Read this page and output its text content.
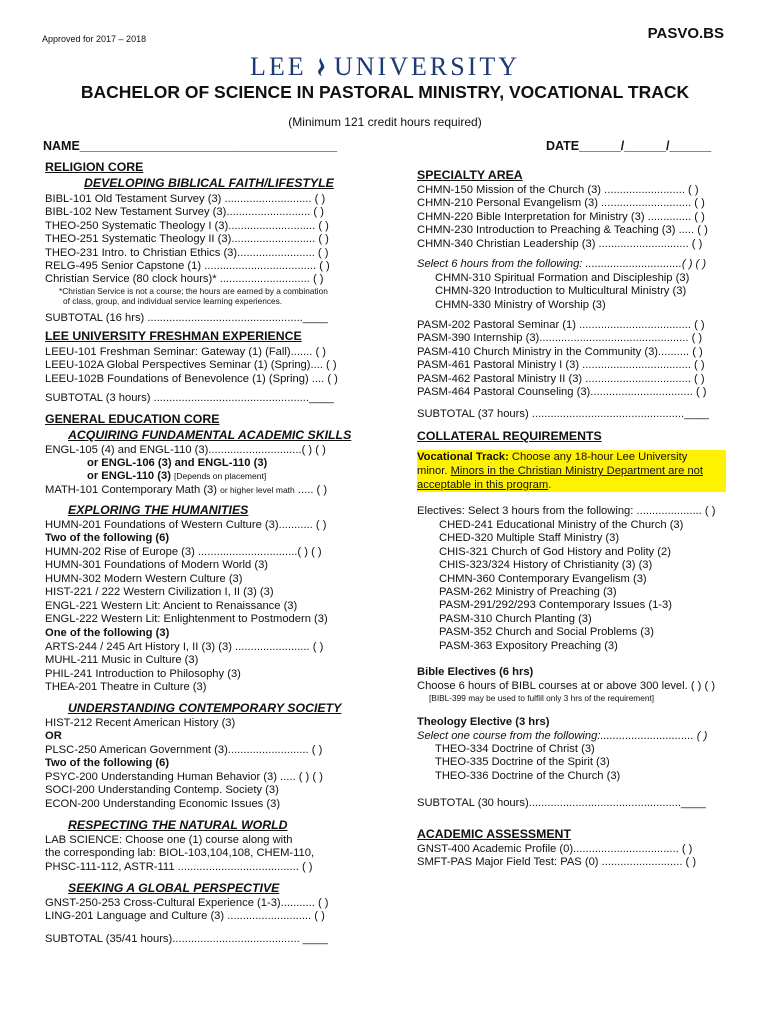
Approved for 2017 – 2018	PASVO.BS
LEE UNIVERSITY
BACHELOR OF SCIENCE IN PASTORAL MINISTRY, VOCATIONAL TRACK
(Minimum 121 credit hours required)
NAME_____________________________________	DATE______/______/______
RELIGION CORE
DEVELOPING BIBLICAL FAITH/LIFESTYLE
BIBL-101 Old Testament Survey (3) ............................ ( )
BIBL-102 New Testament Survey (3)........................... ( )
THEO-250 Systematic Theology I (3)............................ ( )
THEO-251 Systematic Theology II (3)........................... ( )
THEO-231 Intro. to Christian Ethics (3)......................... ( )
RELG-495 Senior Capstone (1) .................................... ( )
Christian Service (80 clock hours)* ............................. ( )
*Christian Service is not a course; the hours are earned by a combination
of class, group, and individual service learning experiences.
SUBTOTAL (16 hrs) ..................................................____
LEE UNIVERSITY FRESHMAN EXPERIENCE
LEEU-101 Freshman Seminar: Gateway (1) (Fall)....... ( )
LEEU-102A Global Perspectives Seminar (1) (Spring).... ( )
LEEU-102B Foundations of Benevolence (1) (Spring) .... ( )
SUBTOTAL (3 hours) ..................................................____
GENERAL EDUCATION CORE
ACQUIRING FUNDAMENTAL ACADEMIC SKILLS
ENGL-105 (4) and ENGL-110 (3)..............................( ) ( )
or ENGL-106 (3) and ENGL-110 (3)
or ENGL-110 (3) [Depends on placement]
MATH-101 Contemporary Math (3) or higher level math ..... ( )
EXPLORING THE HUMANITIES
HUMN-201 Foundations of Western Culture (3)........... ( )
Two of the following (6)
HUMN-202 Rise of Europe (3) ................................( ) ( )
HUMN-301 Foundations of Modern World (3)
HUMN-302 Modern Western Culture (3)
HIST-221 / 222 Western Civilization I, II (3) (3)
ENGL-221 Western Lit: Ancient to Renaissance (3)
ENGL-222 Western Lit: Enlightenment to Postmodern (3)
One of the following (3)
ARTS-244 / 245 Art History I, II (3) (3) ........................ ( )
MUHL-211 Music in Culture (3)
PHIL-241 Introduction to Philosophy (3)
THEA-201 Theatre in Culture (3)
UNDERSTANDING CONTEMPORARY SOCIETY
HIST-212 Recent American History (3)
OR
PLSC-250 American Government (3).......................... ( )
Two of the following (6)
PSYC-200 Understanding Human Behavior (3) ..... ( ) ( )
SOCI-200 Understanding Contemp. Society (3)
ECON-200 Understanding Economic Issues (3)
RESPECTING THE NATURAL WORLD
LAB SCIENCE: Choose one (1) course along with
the corresponding lab: BIOL-103,104,108, CHEM-110,
PHSC-111-112, ASTR-111 ....................................... ( )
SEEKING A GLOBAL PERSPECTIVE
GNST-250-253 Cross-Cultural Experience (1-3)........... ( )
LING-201 Language and Culture (3) ........................... ( )
SUBTOTAL (35/41 hours)......................................... ____
SPECIALTY AREA
CHMN-150 Mission of the Church (3) .......................... ( )
CHMN-210 Personal Evangelism (3) ............................. ( )
CHMN-220 Bible Interpretation for Ministry (3) .............. ( )
CHMN-230 Introduction to Preaching & Teaching (3) ..... ( )
CHMN-340 Christian Leadership (3) ............................. ( )
Select 6 hours from the following: ...............................( ) ( )
CHMN-310 Spiritual Formation and Discipleship (3)
CHMN-320 Introduction to Multicultural Ministry (3)
CHMN-330 Ministry of Worship (3)
PASM-202 Pastoral Seminar (1) .................................... ( )
PASM-390 Internship (3)................................................ ( )
PASM-410 Church Ministry in the Community (3).......... ( )
PASM-461 Pastoral Ministry I (3) ................................... ( )
PASM-462 Pastoral Ministry II (3) .................................. ( )
PASM-464 Pastoral Counseling (3)................................. ( )
SUBTOTAL (37 hours) .................................................____
COLLATERAL REQUIREMENTS
Vocational Track: Choose any 18-hour Lee University
minor. Minors in the Christian Ministry Department are not
acceptable in this program.
Electives: Select 3 hours from the following: ..................... ( )
CHED-241 Educational Ministry of the Church (3)
CHED-320 Multiple Staff Ministry (3)
CHIS-321 Church of God History and Polity (2)
CHIS-323/324 History of Christianity (3) (3)
CHMN-360 Contemporary Evangelism (3)
PASM-262 Ministry of Preaching (3)
PASM-291/292/293 Contemporary Issues (1-3)
PASM-310 Church Planting (3)
PASM-352 Church and Social Problems (3)
PASM-363 Expository Preaching (3)
Bible Electives (6 hrs)
Choose 6 hours of BIBL courses at or above 300 level. ( ) ( )
[BIBL-399 may be used to fulfill only 3 hrs of the requirement]
Theology Elective (3 hrs)
Select one course from the following:.............................. ( )
THEO-334 Doctrine of Christ (3)
THEO-335 Doctrine of the Spirit (3)
THEO-336 Doctrine of the Church (3)
SUBTOTAL (30 hours).................................................____
ACADEMIC ASSESSMENT
GNST-400 Academic Profile (0).................................. ( )
SMFT-PAS Major Field Test: PAS (0) .......................... ( )
